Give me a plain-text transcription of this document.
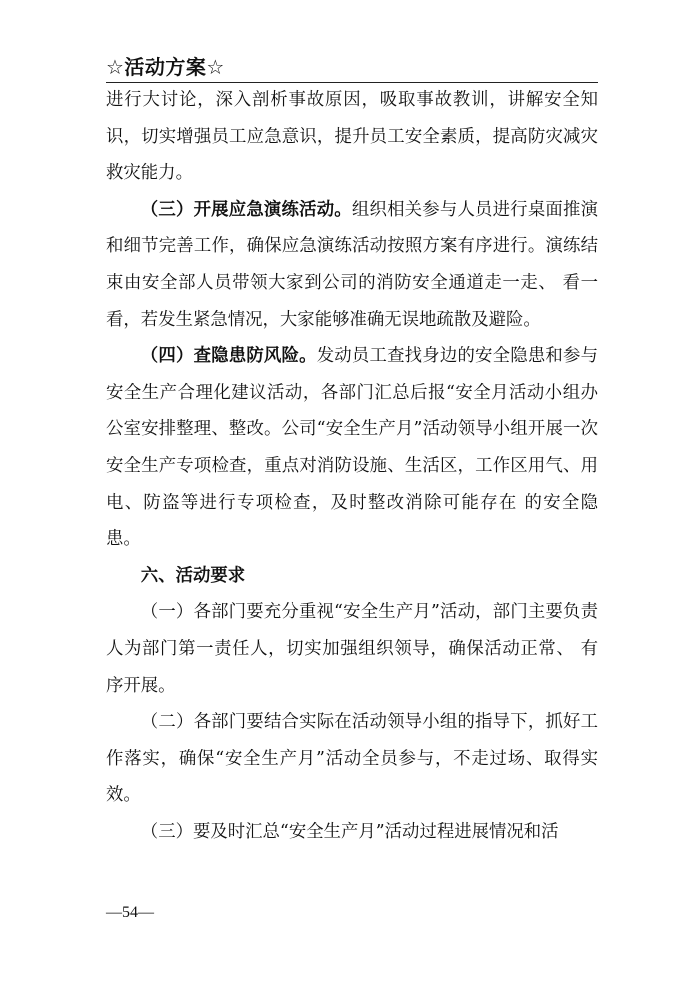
☆活动方案☆

进行大讨论，深入剖析事故原因，吸取事故教训，讲解安全知识，切实增强员工应急意识，提升员工安全素质，提高防灾减灾救灾能力。

（三）开展应急演练活动。组织相关参与人员进行桌面推演和细节完善工作，确保应急演练活动按照方案有序进行。演练结束由安全部人员带领大家到公司的消防安全通道走一走、 看一看，若发生紧急情况，大家能够准确无误地疏散及避险。

（四）查隐患防风险。发动员工查找身边的安全隐患和参与安全生产合理化建议活动，各部门汇总后报“安全月活动小组办公室安排整理、整改。公司“安全生产月”活动领导小组开展一次安全生产专项检查，重点对消防设施、生活区，工作区用气、用电、防盗等进行专项检查，及时整改消除可能存在 的安全隐患。

六、活动要求

（一）各部门要充分重视“安全生产月”活动，部门主要负责人为部门第一责任人，切实加强组织领导，确保活动正常、 有序开展。

（二）各部门要结合实际在活动领导小组的指导下，抓好工作落实，确保“安全生产月”活动全员参与，不走过场、取得实效。

（三）要及时汇总“安全生产月”活动过程进展情况和活

—54—
